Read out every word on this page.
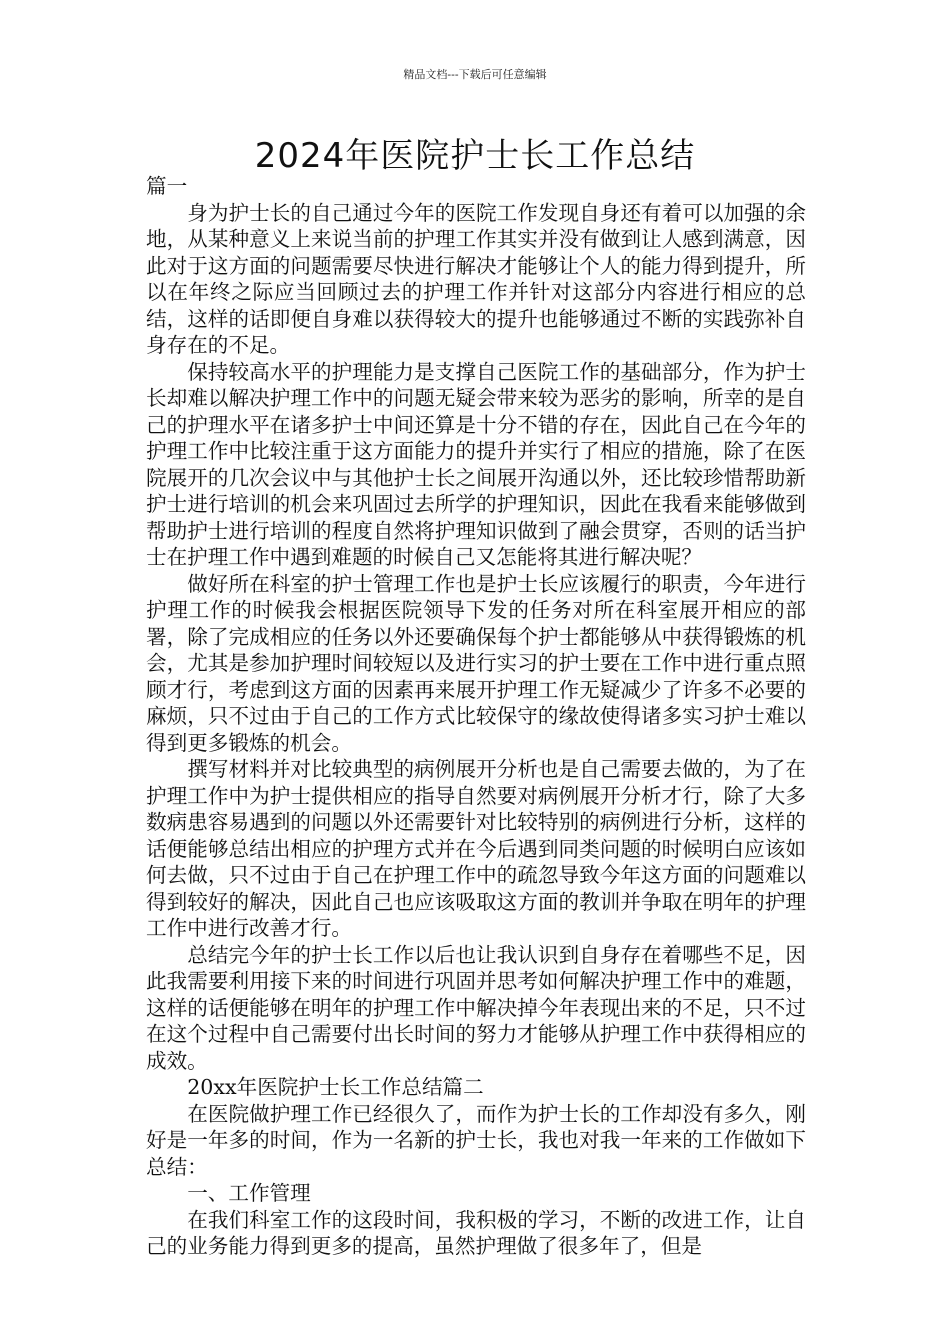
精品文档---下载后可任意编辑
2024年医院护士长工作总结

篇一

身为护士长的自己通过今年的医院工作发现自身还有着可以加强的余地，从某种意义上来说当前的护理工作其实并没有做到让人感到满意，因此对于这方面的问题需要尽快进行解决才能够让个人的能力得到提升，所以在年终之际应当回顾过去的护理工作并针对这部分内容进行相应的总结，这样的话即便自身难以获得较大的提升也能够通过不断的实践弥补自身存在的不足。

保持较高水平的护理能力是支撑自己医院工作的基础部分，作为护士长却难以解决护理工作中的问题无疑会带来较为恶劣的影响，所幸的是自己的护理水平在诸多护士中间还算是十分不错的存在，因此自己在今年的护理工作中比较注重于这方面能力的提升并实行了相应的措施，除了在医院展开的几次会议中与其他护士长之间展开沟通以外，还比较珍惜帮助新护士进行培训的机会来巩固过去所学的护理知识，因此在我看来能够做到帮助护士进行培训的程度自然将护理知识做到了融会贯穿，否则的话当护士在护理工作中遇到难题的时候自己又怎能将其进行解决呢？

做好所在科室的护士管理工作也是护士长应该履行的职责，今年进行护理工作的时候我会根据医院领导下发的任务对所在科室展开相应的部署，除了完成相应的任务以外还要确保每个护士都能够从中获得锻炼的机会，尤其是参加护理时间较短以及进行实习的护士要在工作中进行重点照顾才行，考虑到这方面的因素再来展开护理工作无疑减少了许多不必要的麻烦，只不过由于自己的工作方式比较保守的缘故使得诸多实习护士难以得到更多锻炼的机会。

撰写材料并对比较典型的病例展开分析也是自己需要去做的，为了在护理工作中为护士提供相应的指导自然要对病例展开分析才行，除了大多数病患容易遇到的问题以外还需要针对比较特别的病例进行分析，这样的话便能够总结出相应的护理方式并在今后遇到同类问题的时候明白应该如何去做，只不过由于自己在护理工作中的疏忽导致今年这方面的问题难以得到较好的解决，因此自己也应该吸取这方面的教训并争取在明年的护理工作中进行改善才行。

总结完今年的护士长工作以后也让我认识到自身存在着哪些不足，因此我需要利用接下来的时间进行巩固并思考如何解决护理工作中的难题，这样的话便能够在明年的护理工作中解决掉今年表现出来的不足，只不过在这个过程中自己需要付出长时间的努力才能够从护理工作中获得相应的成效。

20xx年医院护士长工作总结篇二

在医院做护理工作已经很久了，而作为护士长的工作却没有多久，刚好是一年多的时间，作为一名新的护士长，我也对我一年来的工作做如下总结：

一、工作管理

在我们科室工作的这段时间，我积极的学习，不断的改进工作，让自己的业务能力得到更多的提高，虽然护理做了很多年了，但是
